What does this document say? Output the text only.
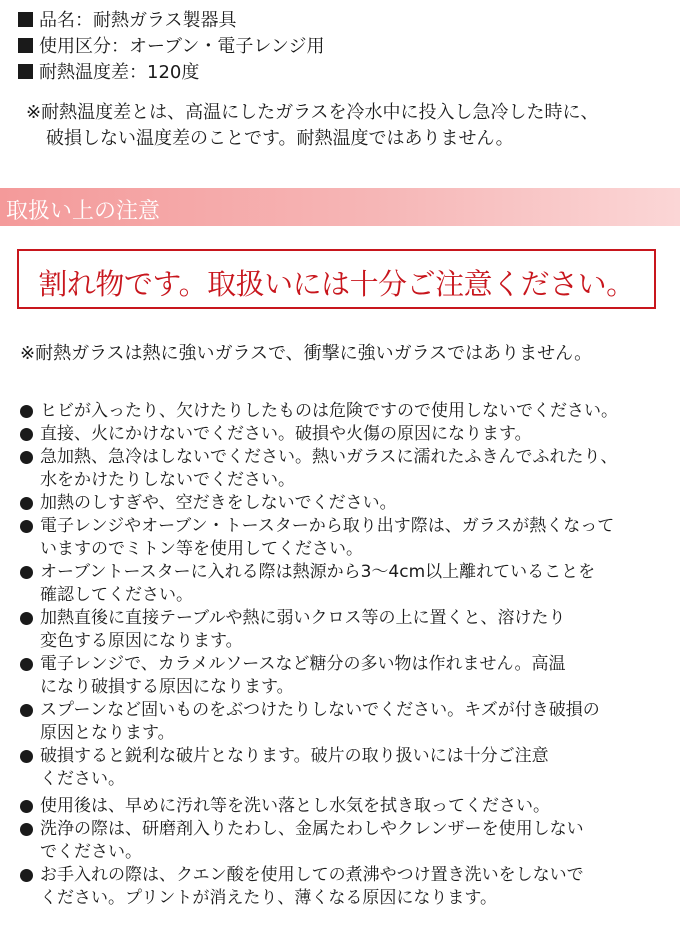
品名：耐熱ガラス製器具
使用区分：オーブン・電子レンジ用
耐熱温度差：120度
※耐熱温度差とは、高温にしたガラスを冷水中に投入し急冷した時に、
破損しない温度差のことです。耐熱温度ではありません。
取扱い上の注意
割れ物です。取扱いには十分ご注意ください。
※耐熱ガラスは熱に強いガラスで、衝撃に強いガラスではありません。
ヒビが入ったり、欠けたりしたものは危険ですので使用しないでください。
直接、火にかけないでください。破損や火傷の原因になります。
急加熱、急冷はしないでください。熱いガラスに濡れたふきんでふれたり、
水をかけたりしないでください。
加熱のしすぎや、空だきをしないでください。
電子レンジやオーブン・トースターから取り出す際は、ガラスが熱くなって
いますのでミトン等を使用してください。
オーブントースターに入れる際は熱源から3～4cm以上離れていることを
確認してください。
加熱直後に直接テーブルや熱に弱いクロス等の上に置くと、溶けたり
変色する原因になります。
電子レンジで、カラメルソースなど糖分の多い物は作れません。高温
になり破損する原因になります。
スプーンなど固いものをぶつけたりしないでください。キズが付き破損の
原因となります。
破損すると鋭利な破片となります。破片の取り扱いには十分ご注意
ください。
使用後は、早めに汚れ等を洗い落とし水気を拭き取ってください。
洗浄の際は、研磨剤入りたわし、金属たわしやクレンザーを使用しない
でください。
お手入れの際は、クエン酸を使用しての煮沸やつけ置き洗いをしないで
ください。プリントが消えたり、薄くなる原因になります。
